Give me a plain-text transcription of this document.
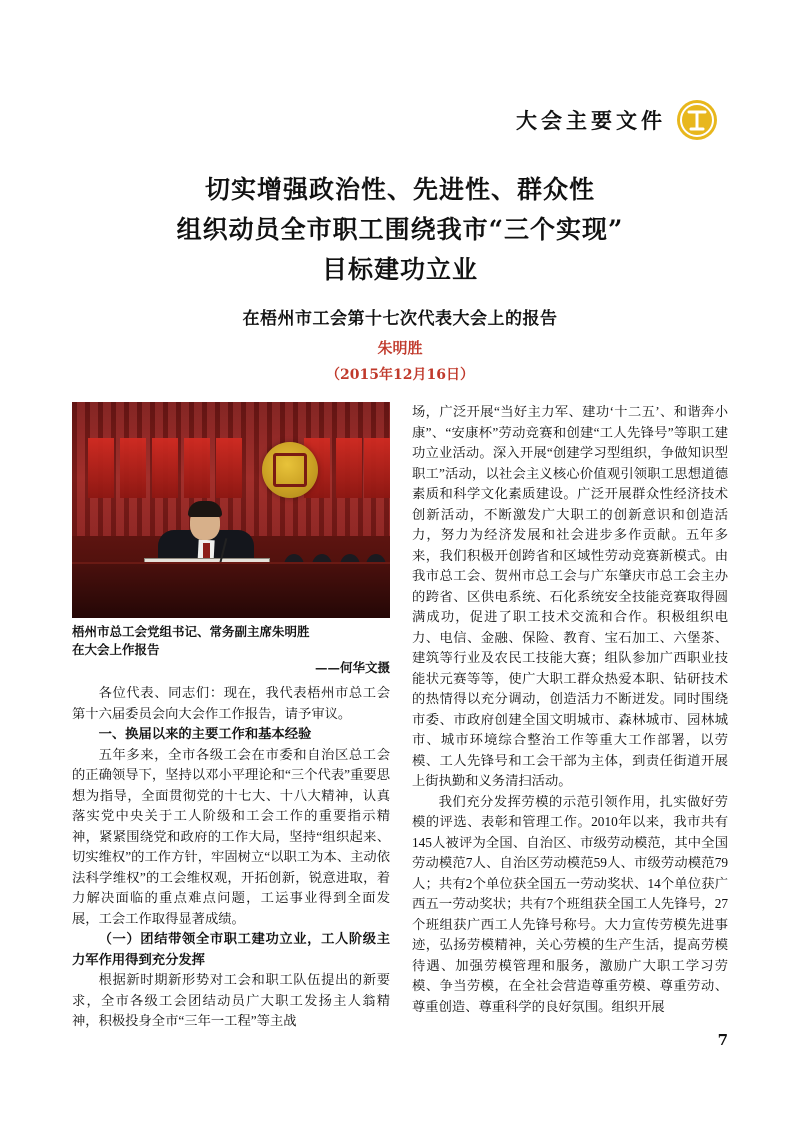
大会主要文件
切实增强政治性、先进性、群众性
组织动员全市职工围绕我市“三个实现”
目标建功立业
在梧州市工会第十七次代表大会上的报告
朱明胜
（2015年12月16日）
梧州市总工会党组书记、常务副主席朱明胜
在大会上作报告
——何华文摄

各位代表、同志们：现在，我代表梧州市总工会第十六届委员会向大会作工作报告，请予审议。

一、换届以来的主要工作和基本经验

五年多来，全市各级工会在市委和自治区总工会的正确领导下，坚持以邓小平理论和“三个代表”重要思想为指导，全面贯彻党的十七大、十八大精神，认真落实党中央关于工人阶级和工会工作的重要指示精神，紧紧围绕党和政府的工作大局，坚持“组织起来、切实维权”的工作方针，牢固树立“以职工为本、主动依法科学维权”的工会维权观，开拓创新，锐意进取，着力解决面临的重点难点问题，工运事业得到全面发展，工会工作取得显著成绩。

（一）团结带领全市职工建功立业，工人阶级主力军作用得到充分发挥

根据新时期新形势对工会和职工队伍提出的新要求，全市各级工会团结动员广大职工发扬主人翁精神，积极投身全市“三年一工程”等主战

场，广泛开展“当好主力军、建功‘十二五’、和谐奔小康”、“安康杯”劳动竞赛和创建“工人先锋号”等职工建功立业活动。深入开展“创建学习型组织，争做知识型职工”活动，以社会主义核心价值观引领职工思想道德素质和科学文化素质建设。广泛开展群众性经济技术创新活动，不断激发广大职工的创新意识和创造活力，努力为经济发展和社会进步多作贡献。五年多来，我们积极开创跨省和区域性劳动竞赛新模式。由我市总工会、贺州市总工会与广东肇庆市总工会主办的跨省、区供电系统、石化系统安全技能竞赛取得圆满成功，促进了职工技术交流和合作。积极组织电力、电信、金融、保险、教育、宝石加工、六堡茶、建筑等行业及农民工技能大赛；组队参加广西职业技能状元赛等等，使广大职工群众热爱本职、钻研技术的热情得以充分调动，创造活力不断迸发。同时围绕市委、市政府创建全国文明城市、森林城市、园林城市、城市环境综合整治工作等重大工作部署，以劳模、工人先锋号和工会干部为主体，到责任街道开展上街执勤和义务清扫活动。

我们充分发挥劳模的示范引领作用，扎实做好劳模的评选、表彰和管理工作。2010年以来，我市共有145人被评为全国、自治区、市级劳动模范，其中全国劳动模范7人、自治区劳动模范59人、市级劳动模范79人；共有2个单位获全国五一劳动奖状、14个单位获广西五一劳动奖状；共有7个班组获全国工人先锋号，27个班组获广西工人先锋号称号。大力宣传劳模先进事迹，弘扬劳模精神，关心劳模的生产生活，提高劳模待遇、加强劳模管理和服务，激励广大职工学习劳模、争当劳模，在全社会营造尊重劳模、尊重劳动、尊重创造、尊重科学的良好氛围。组织开展

7
